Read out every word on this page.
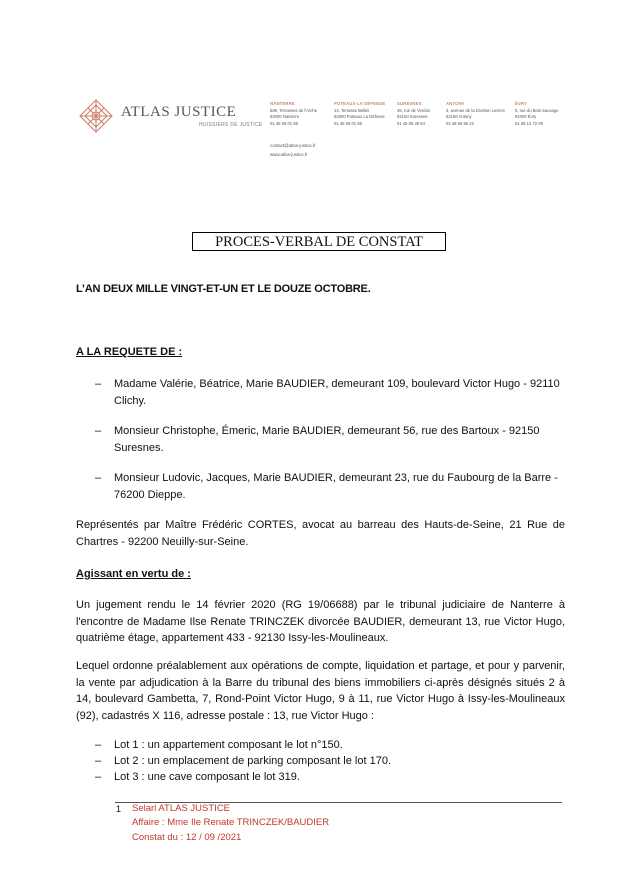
ATLAS JUSTICE
HUISSIERS DE JUSTICE
NANTERRE
589, Terrasses de l'Arche
92000 Nanterre
01 45 06 01 56
PUTEAUX-LA DÉFENSE
14, Terrasse Bellini
92800 Puteaux La Défense
01 45 06 01 56
SURESNES
36, rue de Verdun
92150 Suresnes
01 45 06 49 64
ANTONY
3, avenue de la Division Leclerc
92160 Antony
02 46 66 55 22
ÉVRY
6, rue du Bois Sauvage
91000 Évry
01 69 12 72 09
contact@atlas-justice.fr
www.atlas-justice.fr
PROCES-VERBAL DE CONSTAT
L’AN DEUX MILLE VINGT-ET-UN ET LE DOUZE OCTOBRE.
A LA REQUETE DE :
– Madame Valérie, Béatrice, Marie BAUDIER, demeurant 109, boulevard Victor Hugo - 92110 Clichy.
– Monsieur Christophe, Émeric, Marie BAUDIER, demeurant 56, rue des Bartoux - 92150 Suresnes.
– Monsieur Ludovic, Jacques, Marie BAUDIER, demeurant 23, rue du Faubourg de la Barre - 76200 Dieppe.
Représentés par Maître Frédéric CORTES, avocat au barreau des Hauts-de-Seine, 21 Rue de Chartres - 92200 Neuilly-sur-Seine.
Agissant en vertu de :
Un jugement rendu le 14 février 2020 (RG 19/06688) par le tribunal judiciaire de Nanterre à l'encontre de Madame Ilse Renate TRINCZEK divorcée BAUDIER, demeurant 13, rue Victor Hugo, quatrième étage, appartement 433 - 92130 Issy-les-Moulineaux.
Lequel ordonne préalablement aux opérations de compte, liquidation et partage, et pour y parvenir, la vente par adjudication à la Barre du tribunal des biens immobiliers ci-après désignés situés 2 à 14, boulevard Gambetta, 7, Rond-Point Victor Hugo, 9 à 11, rue Victor Hugo à Issy-les-Moulineaux (92), cadastrés X 116, adresse postale : 13, rue Victor Hugo :
– Lot 1 : un appartement composant le lot n°150.
– Lot 2 : un emplacement de parking composant le lot 170.
– Lot 3 : une cave composant le lot 319.
1 Selarl ATLAS JUSTICE
Affaire : Mme Ile Renate TRINCZEK/BAUDIER
Constat du : 12 / 09 /2021
